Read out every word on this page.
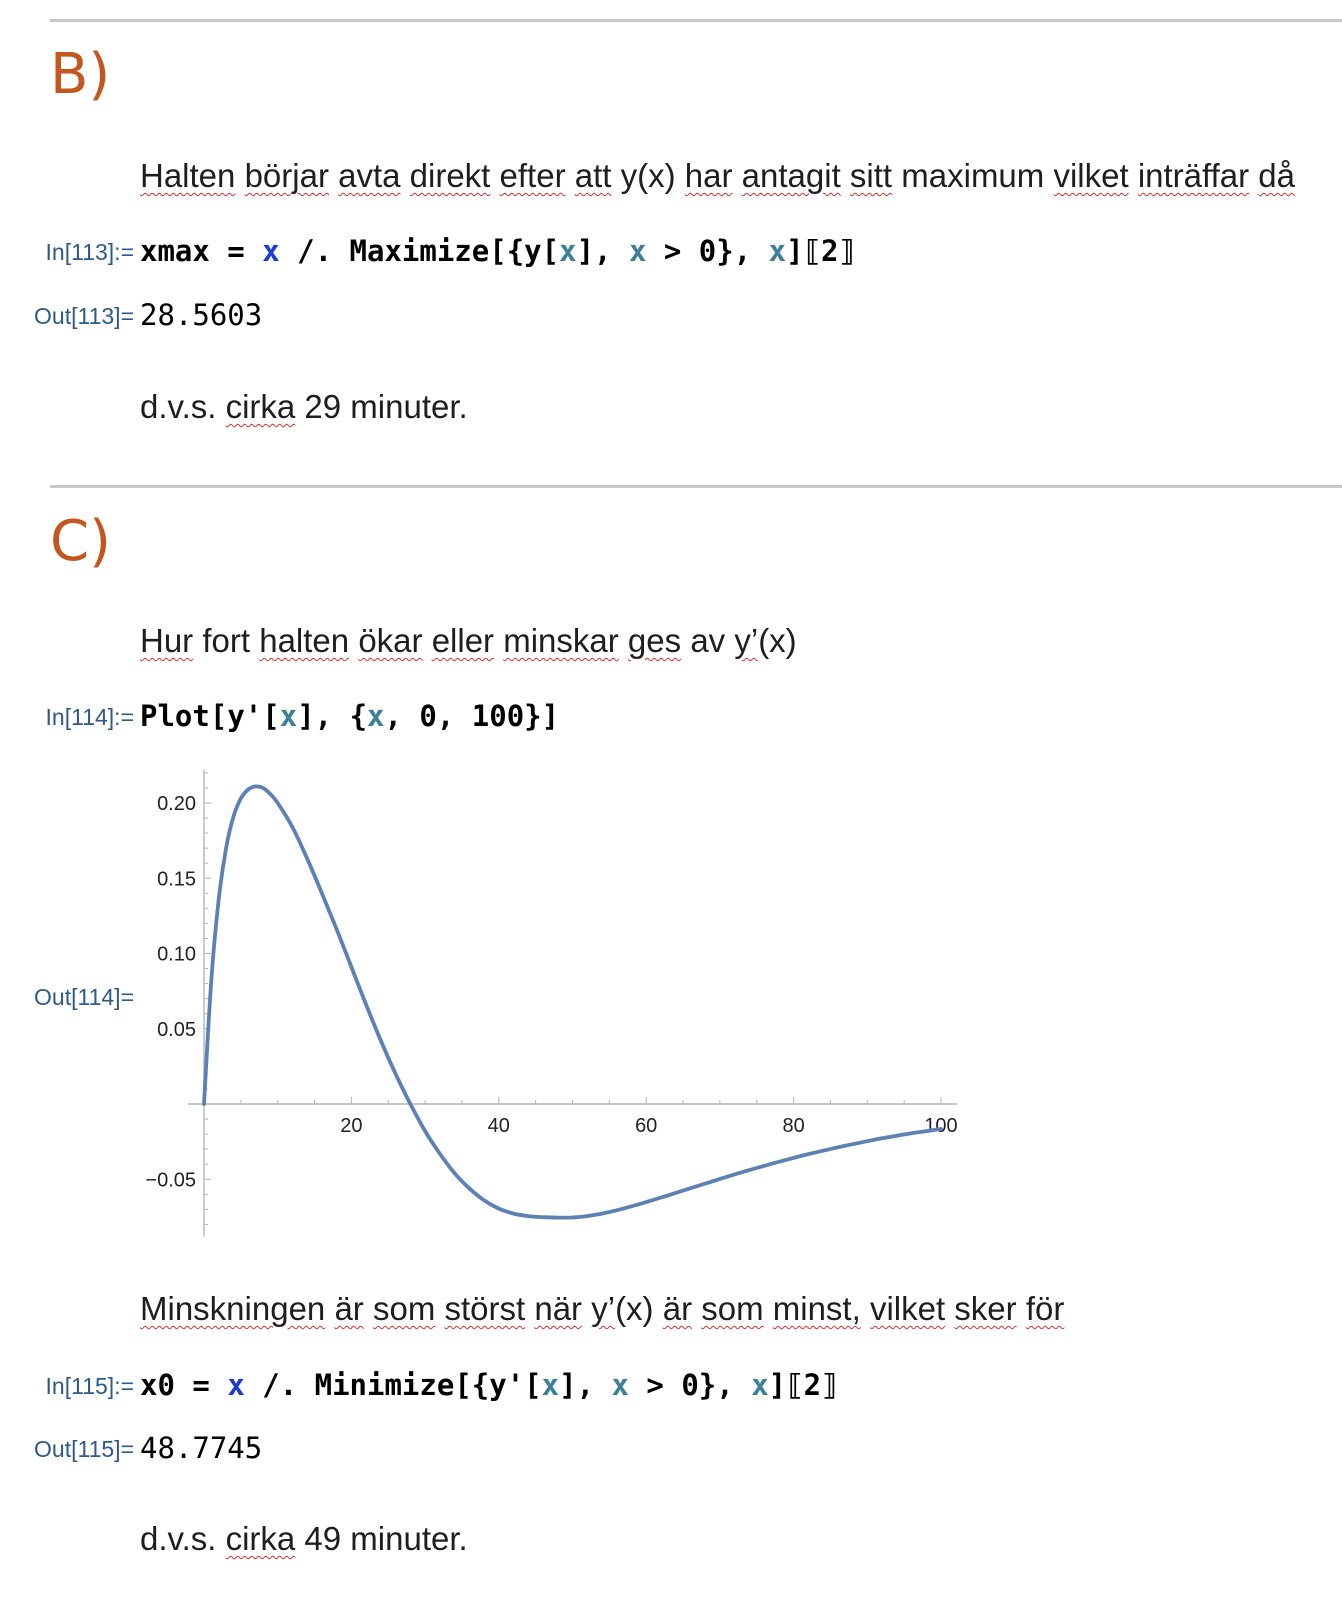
B)
Halten börjar avta direkt efter att y(x) har antagit sitt maximum vilket inträffar då
In[113]:= xmax = x /. Maximize[{y[x], x > 0}, x]⟦2⟧
Out[113]= 28.5603
d.v.s. cirka 29 minuter.
C)
Hur fort halten ökar eller minskar ges av y’(x)
In[114]:= Plot[y'[x], {x, 0, 100}]
Out[114]=
0.20
0.15
0.10
0.05
−0.05
20	40	60	80	100
Minskningen är som störst när y’(x) är som minst, vilket sker för
In[115]:= x0 = x /. Minimize[{y'[x], x > 0}, x]⟦2⟧
Out[115]= 48.7745
d.v.s. cirka 49 minuter.
